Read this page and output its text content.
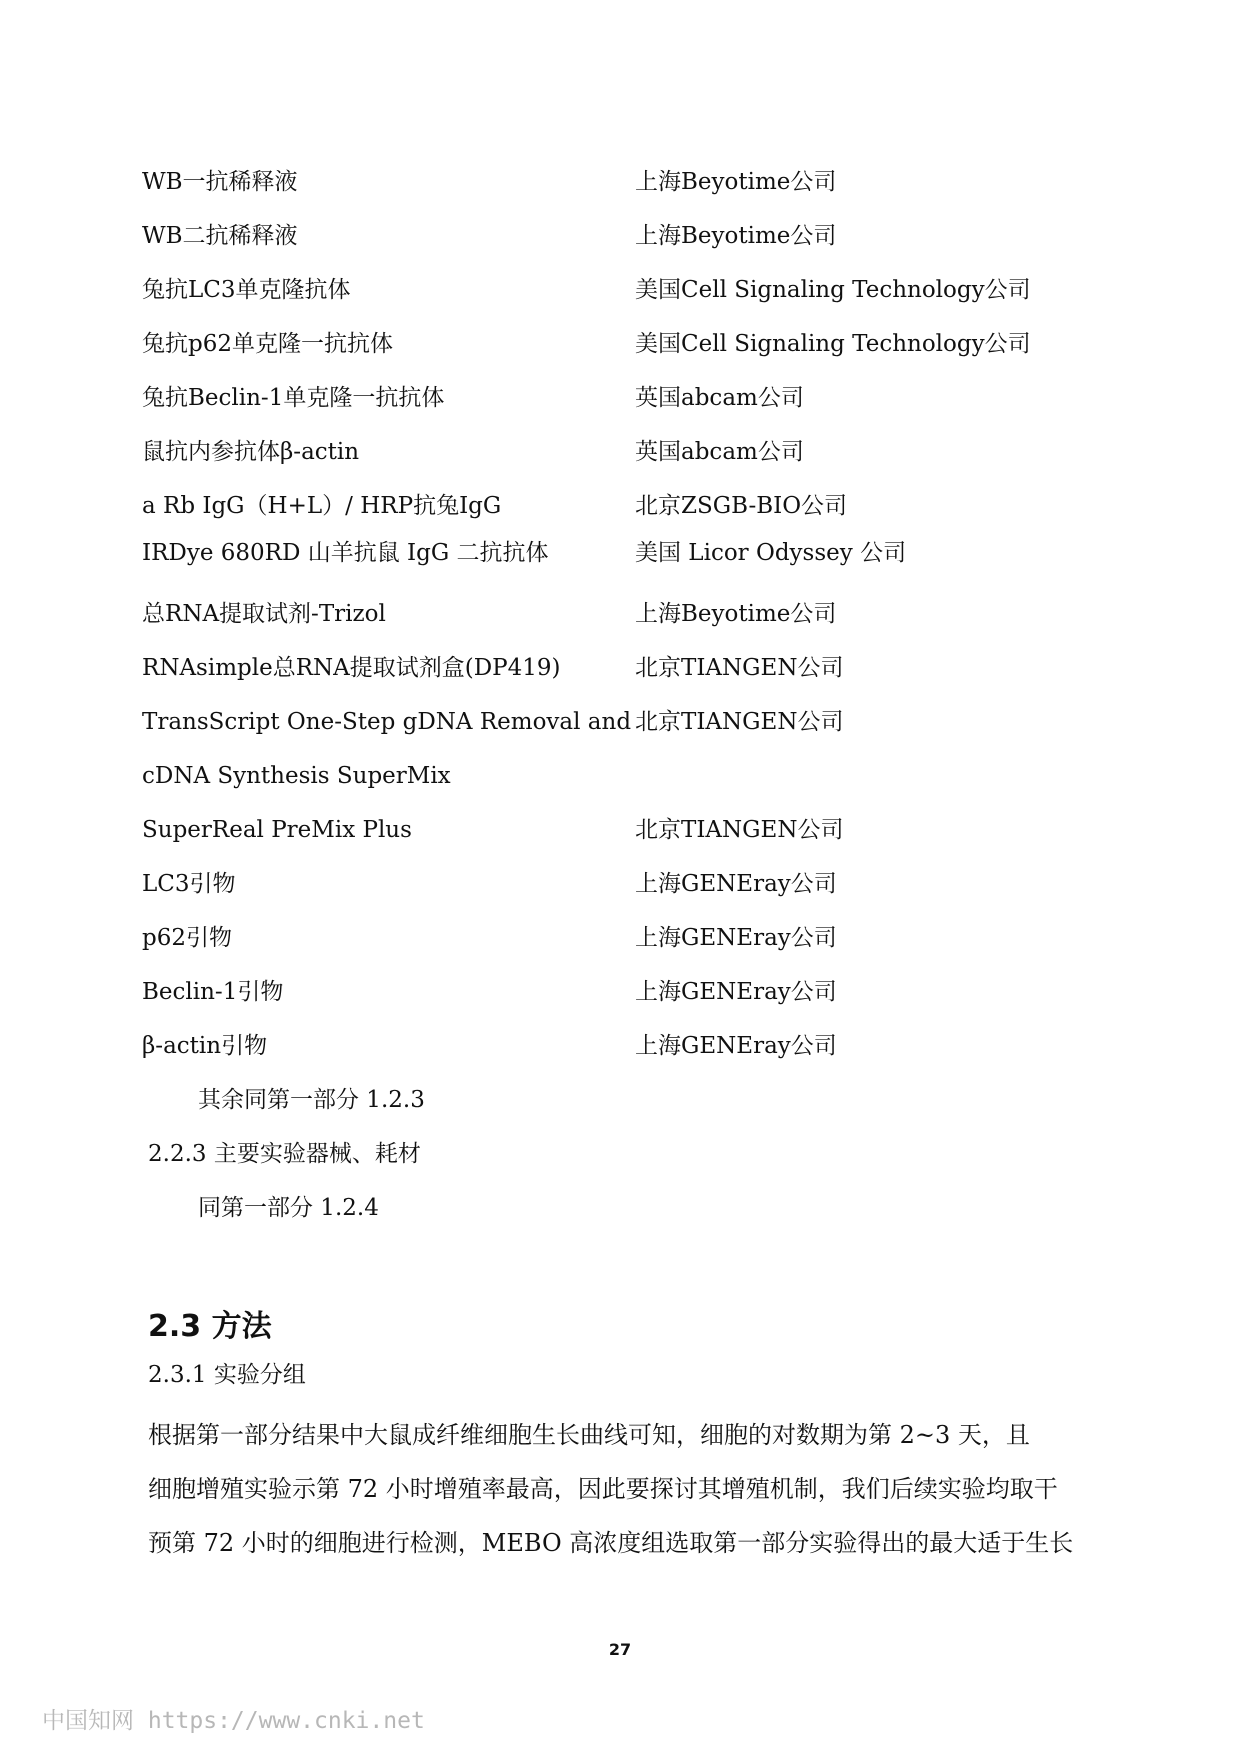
WB一抗稀释液	上海Beyotime公司
WB二抗稀释液	上海Beyotime公司
兔抗LC3单克隆抗体	美国Cell Signaling Technology公司
兔抗p62单克隆一抗抗体	美国Cell Signaling Technology公司
兔抗Beclin-1单克隆一抗抗体	英国abcam公司
鼠抗内参抗体β-actin	英国abcam公司
a Rb IgG（H+L）/ HRP抗兔IgG	北京ZSGB-BIO公司
IRDye 680RD 山羊抗鼠 IgG 二抗抗体	美国 Licor Odyssey 公司
总RNA提取试剂-Trizol	上海Beyotime公司
RNAsimple总RNA提取试剂盒(DP419)	北京TIANGEN公司
TransScript One-Step gDNA Removal and 北京TIANGEN公司
cDNA Synthesis SuperMix
SuperReal PreMix Plus	北京TIANGEN公司
LC3引物	上海GENEray公司
p62引物	上海GENEray公司
Beclin-1引物	上海GENEray公司
β-actin引物	上海GENEray公司
其余同第一部分 1.2.3
2.2.3 主要实验器械、耗材
同第一部分 1.2.4
2.3 方法
2.3.1 实验分组

根据第一部分结果中大鼠成纤维细胞生长曲线可知，细胞的对数期为第 2~3 天，且

细胞增殖实验示第 72 小时增殖率最高，因此要探讨其增殖机制，我们后续实验均取干

预第 72 小时的细胞进行检测，MEBO 高浓度组选取第一部分实验得出的最大适于生长

27
中国知网 https://www.cnki.net
